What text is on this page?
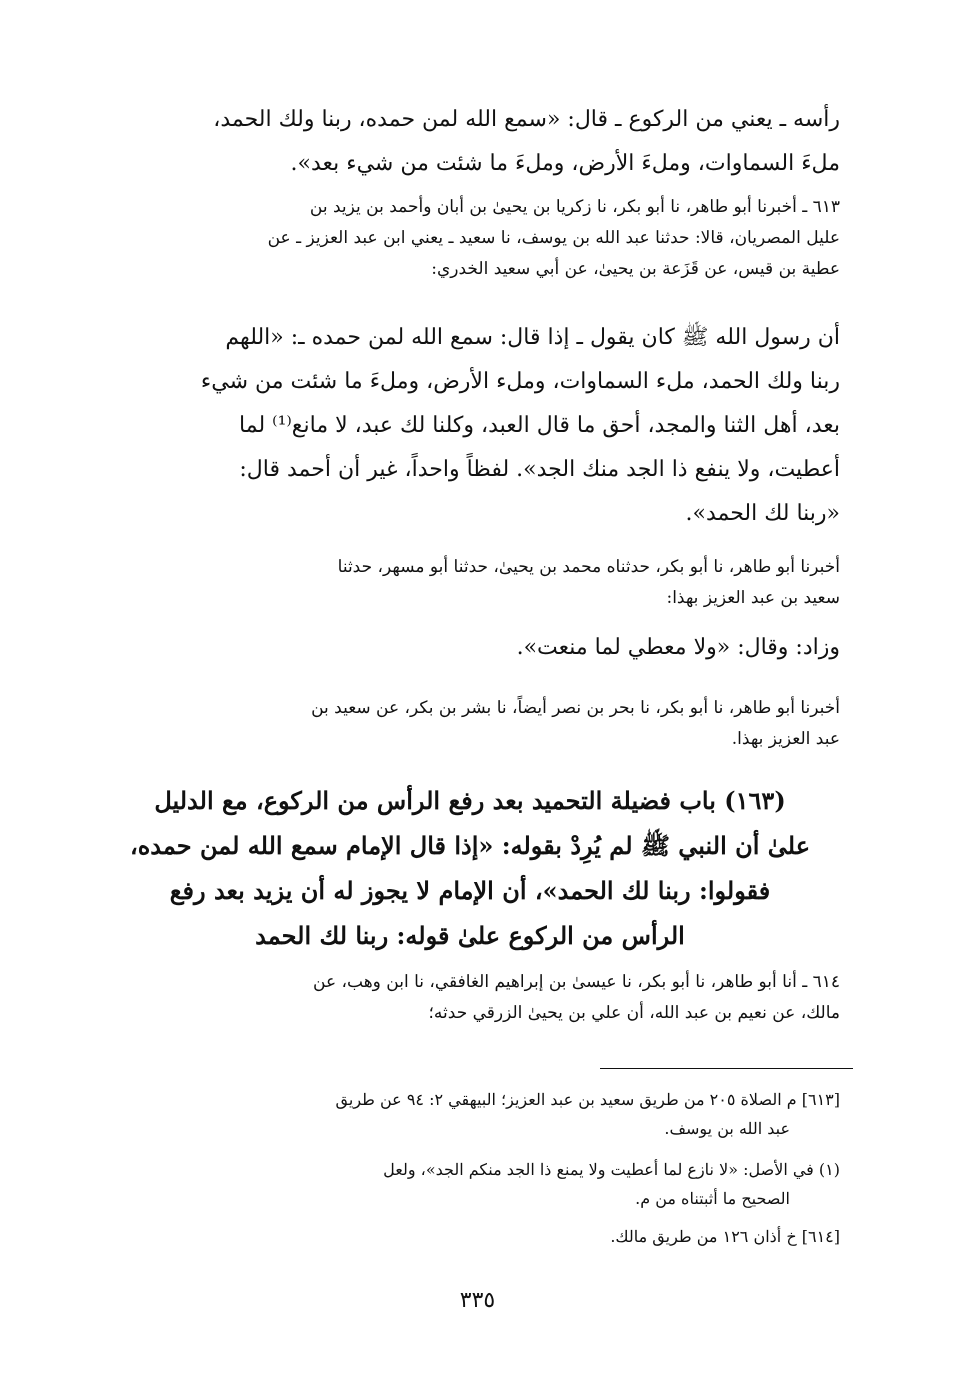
رأسه ـ يعني من الركوع ـ قال: «سمع الله لمن حمده، ربنا ولك الحمد،
ملءَ السماوات، وملءَ الأرض، وملءَ ما شئت من شيء بعد».
٦١٣ ـ أخبرنا أبو طاهر، نا أبو بكر، نا زكريا بن يحيىٰ بن أبان وأحمد بن يزيد بن
عليل المصريان، قالا: حدثنا عبد الله بن يوسف، نا سعيد ـ يعني ابن عبد العزيز ـ عن
عطية بن قيس، عن قَزَعة بن يحيىٰ، عن أبي سعيد الخدري:
أن رسول الله ﷺ كان يقول ـ إذا قال: سمع الله لمن حمده ـ: «اللهم
ربنا ولك الحمد، ملء السماوات، وملء الأرض، وملءَ ما شئت من شيء
بعد، أهل الثنا والمجد، أحق ما قال العبد، وكلنا لك عبد، لا مانع⁽¹⁾ لما
أعطيت، ولا ينفع ذا الجد منك الجد». لفظاً واحداً، غير أن أحمد قال:
«ربنا لك الحمد».
أخبرنا أبو طاهر، نا أبو بكر، حدثناه محمد بن يحيىٰ، حدثنا أبو مسهر، حدثنا
سعيد بن عبد العزيز بهذا:
وزاد: وقال: «ولا معطي لما منعت».
أخبرنا أبو طاهر، نا أبو بكر، نا بحر بن نصر أيضاً، نا بشر بن بكر، عن سعيد بن
عبد العزيز بهذا.
(١٦٣) باب فضيلة التحميد بعد رفع الرأس من الركوع، مع الدليل
علىٰ أن النبي ﷺ لم يُرِدْ بقوله: «إذا قال الإمام سمع الله لمن حمده،
فقولوا: ربنا لك الحمد»، أن الإمام لا يجوز له أن يزيد بعد رفع
الرأس من الركوع علىٰ قوله: ربنا لك الحمد
٦١٤ ـ أنا أبو طاهر، نا أبو بكر، نا عيسىٰ بن إبراهيم الغافقي، نا ابن وهب، عن
مالك، عن نعيم بن عبد الله، أن علي بن يحيىٰ الزرقي حدثه؛
[٦١٣] م الصلاة ٢٠٥ من طريق سعيد بن عبد العزيز؛ البيهقي ٢: ٩٤ عن طريق
عبد الله بن يوسف.
(١) في الأصل: «لا نازع لما أعطيت ولا يمنع ذا الجد منكم الجد»، ولعل
الصحيح ما أثبتناه من م.
[٦١٤] خ أذان ١٢٦ من طريق مالك.
٣٣٥
